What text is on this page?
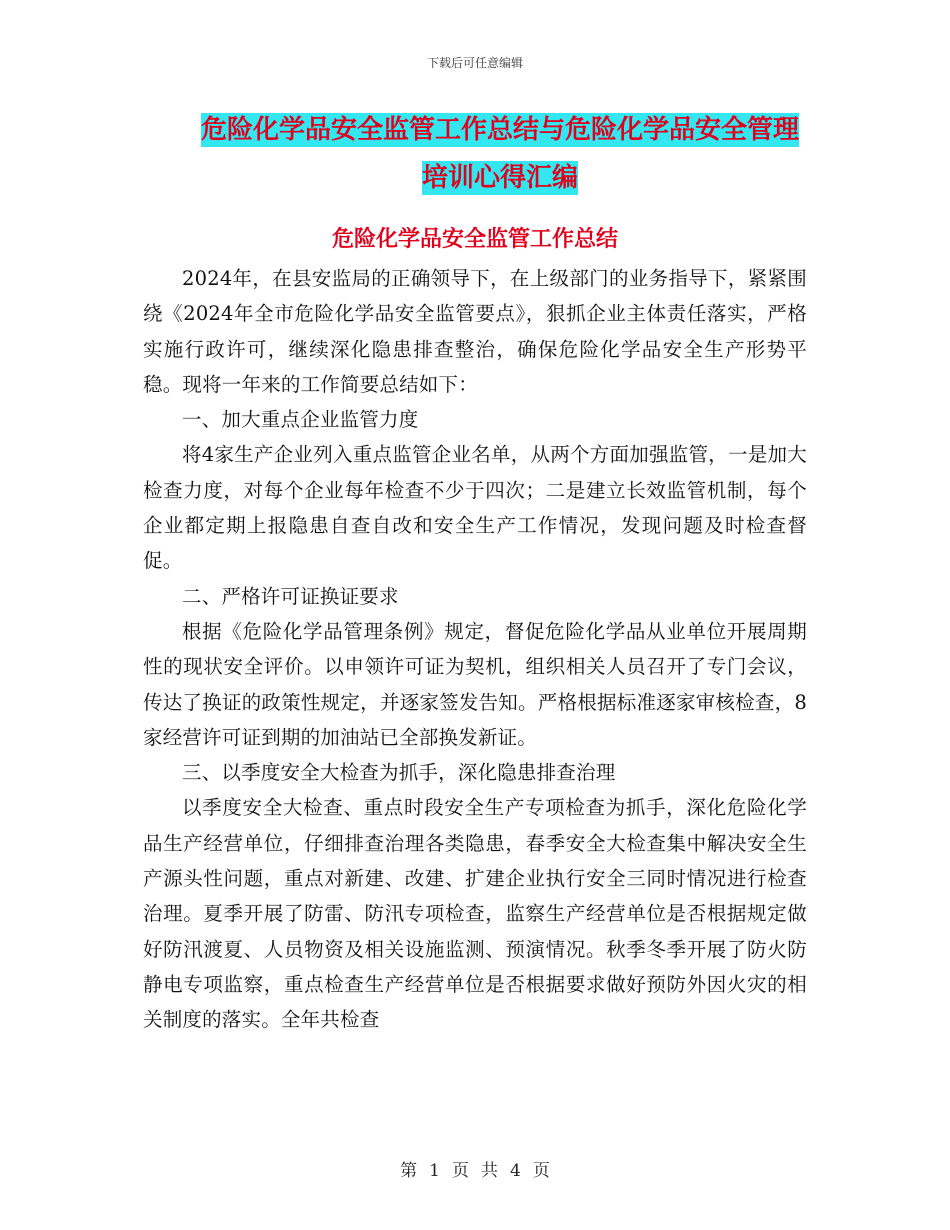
下载后可任意编辑
危险化学品安全监管工作总结与危险化学品安全管理
培训心得汇编
危险化学品安全监管工作总结

2024年，在县安监局的正确领导下，在上级部门的业务指导下，紧紧围绕《2024年全市危险化学品安全监管要点》，狠抓企业主体责任落实，严格实施行政许可，继续深化隐患排查整治，确保危险化学品安全生产形势平稳。现将一年来的工作简要总结如下：

一、加大重点企业监管力度

将4家生产企业列入重点监管企业名单，从两个方面加强监管，一是加大检查力度，对每个企业每年检查不少于四次；二是建立长效监管机制，每个企业都定期上报隐患自查自改和安全生产工作情况，发现问题及时检查督促。

二、严格许可证换证要求

根据《危险化学品管理条例》规定，督促危险化学品从业单位开展周期性的现状安全评价。以申领许可证为契机，组织相关人员召开了专门会议，传达了换证的政策性规定，并逐家签发告知。严格根据标准逐家审核检查，8家经营许可证到期的加油站已全部换发新证。

三、以季度安全大检查为抓手，深化隐患排查治理

以季度安全大检查、重点时段安全生产专项检查为抓手，深化危险化学品生产经营单位，仔细排查治理各类隐患，春季安全大检查集中解决安全生产源头性问题，重点对新建、改建、扩建企业执行安全三同时情况进行检查治理。夏季开展了防雷、防汛专项检查，监察生产经营单位是否根据规定做好防汛渡夏、人员物资及相关设施监测、预演情况。秋季冬季开展了防火防静电专项监察，重点检查生产经营单位是否根据要求做好预防外因火灾的相关制度的落实。全年共检查

第 1 页 共 4 页
